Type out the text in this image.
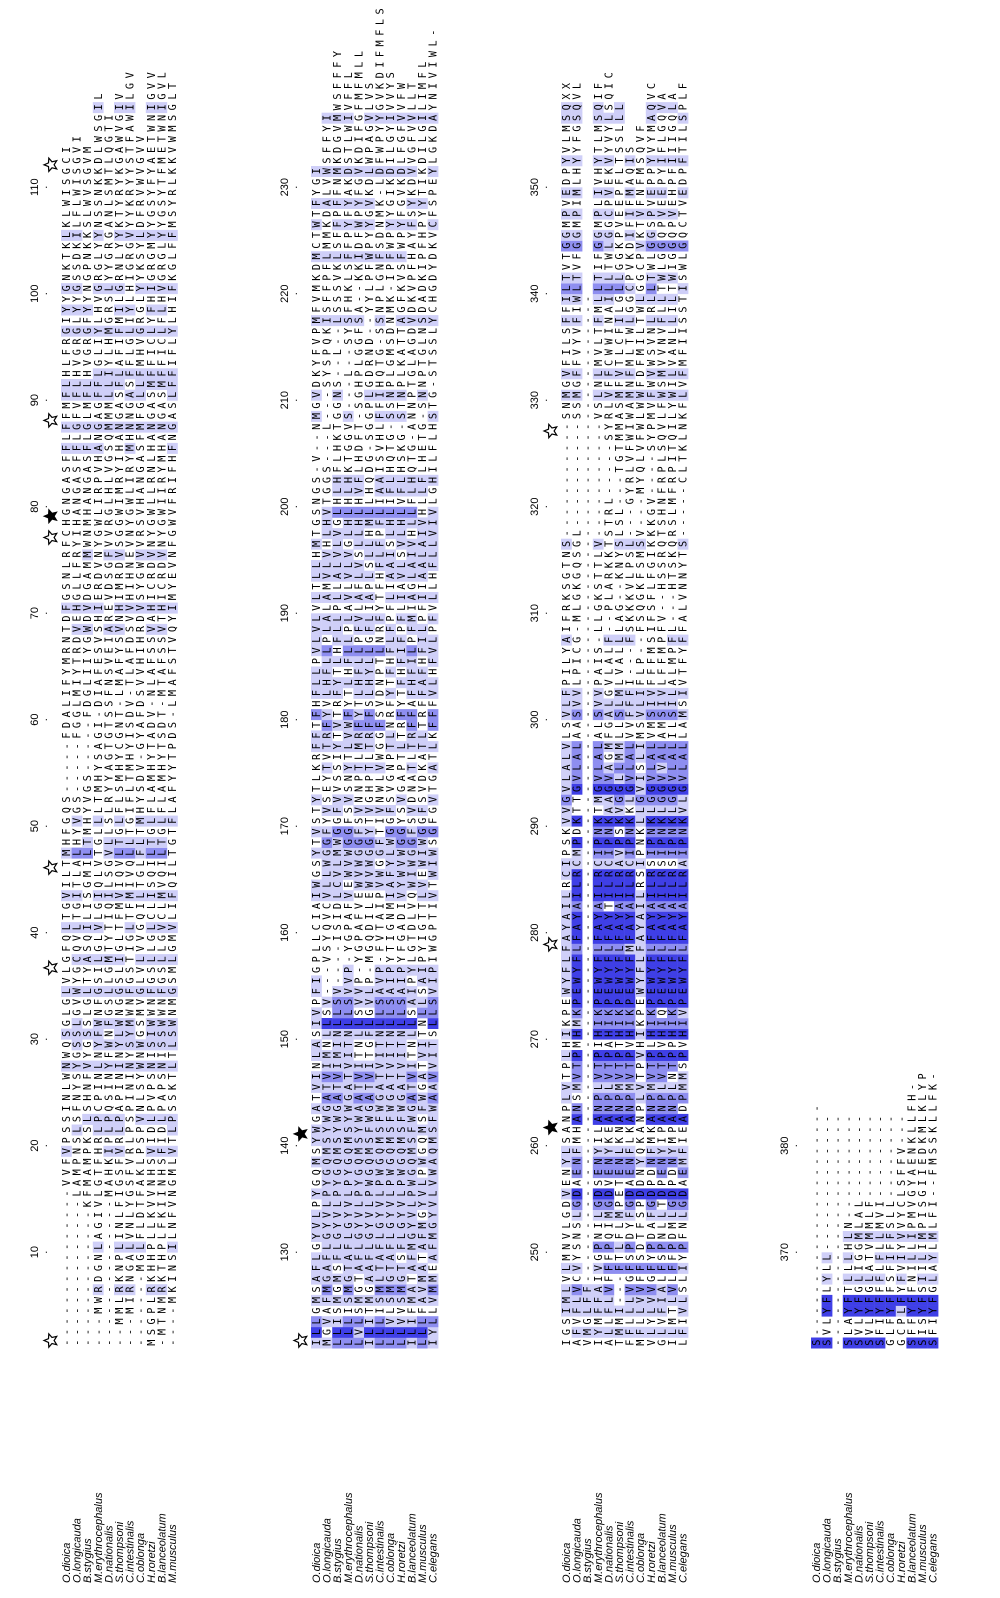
10
.
20
.
30
.
40
.
50
.
60
.
70
.
80
.
90
.
100
.
110
.
O.dioica
-
-
-
-
-
-
-
-
-
-
-
-
-
-
-
V
V
F
V
P
S
S
I
N
L
W
N
W
Q
S
G
L
G
L
V
L
G
F
Q
L
T
G
V
I
L
T
M
H
F
G
Q
S
-
-
-
-
-
F
D
A
L
I
F
Y
M
R
N
T
D
F
G
S
N
L
R
F
C
H
G
N
G
A
S
F
F
L
F
F
M
F
L
H
L
F
R
G
I
Y
Y
G
N
K
T
K
L
K
L
W
I
S
G
C
I
O.longicauda
-
-
-
-
-
-
-
-
-
-
-
-
-
-
L
A
M
P
N
S
L
S
F
N
Y
S
Y
G
S
S
L
G
V
W
Y
G
C
Q
V
L
T
G
I
T
L
A
L
H
Y
V
G
S
-
-
-
-
-
F
G
G
L
M
I
Y
T
R
D
V
E
H
G
L
L
F
R
Y
I
H
A
N
G
A
S
F
F
L
G
F
V
F
L
H
V
G
R
G
L
Y
Y
G
S
S
D
K
I
L
F
L
W
I
S
G
V
I
B.stygius
-
-
-
-
-
-
-
-
-
-
-
-
-
K
F
M
A
M
P
K
S
L
S
H
N
F
V
Y
G
S
S
L
G
L
T
Y
A
S
Q
I
L
I
S
G
M
I
L
T
M
H
Y
V
G
S
-
-
-
-
-
F
D
G
L
I
I
Y
G
W
D
V
D
G
A
M
M
W
N
M
H
A
N
G
A
S
F
L
G
L
M
F
L
H
V
G
R
G
F
Y
Y
N
G
P
N
K
K
S
L
W
V
S
G
V
M
M.erythrocephalus
-
-
-
M
W
R
D
G
N
L
A
G
I
V
L
G
T
F
H
R
L
P
C
P
I
N
L
N
Y
F
W
N
F
G
S
I
L
G
L
V
L
G
I
Q
L
V
T
G
L
L
L
T
M
H
Y
S
A
G
I
-
D
I
A
F
E
S
V
S
H
I
E
R
D
V
N
Y
G
W
L
I
R
P
V
H
A
N
G
A
G
F
F
L
G
L
I
Y
L
H
V
G
R
G
L
Y
Y
N
S
S
N
K
K
D
L
W
S
G
I
L
D.nationalis
-
-
-
-
-
-
-
-
-
-
-
-
-
-
M
A
H
K
I
P
L
P
Q
S
I
N
Y
F
W
N
F
G
S
L
L
G
M
T
Y
T
I
Q
I
L
S
G
V
L
L
S
L
R
Y
Y
A
G
T
G
T
S
S
F
N
S
V
E
I
A
R
E
V
D
S
G
F
V
V
R
G
L
H
L
V
G
S
Q
M
M
M
L
L
I
Y
L
H
M
G
R
S
L
Y
Y
G
R
G
A
N
L
S
M
T
L
Q
G
T
I
S.thompsoni
-
-
M
M
L
R
K
N
P
L
I
N
L
F
I
G
S
F
V
R
L
P
A
P
I
N
I
N
Y
L
W
N
G
G
S
L
I
G
L
T
F
M
V
I
Q
V
L
T
G
L
F
L
S
M
H
Y
C
G
N
T
-
L
M
A
F
Y
S
V
N
H
I
M
R
D
V
S
G
G
W
I
M
R
Y
I
H
A
N
G
A
S
F
L
A
F
I
F
M
I
L
G
R
N
L
Y
Y
K
T
Y
R
Y
K
G
A
W
V
G
I
V
C.intestinalis
-
-
-
M
I
R
N
G
A
L
V
N
L
Y
G
S
F
V
R
L
P
S
P
I
N
I
N
Y
S
Y
M
W
N
F
G
S
T
I
G
L
T
F
M
I
V
Q
L
L
T
G
I
F
L
T
M
H
Y
I
S
D
V
-
T
L
A
F
D
S
V
V
H
I
H
N
E
V
N
Y
G
W
L
I
R
Y
M
H
N
N
G
A
S
F
F
L
G
L
I
Y
L
H
I
G
R
G
V
Y
Y
K
R
Y
Y
S
T
F
A
W
I
L
G
V
C.oblonga
-
-
-
-
-
-
-
M
G
L
F
L
D
T
F
A
K
L
P
S
P
V
N
L
S
Y
W
N
W
G
S
M
V
G
L
V
L
V
V
G
Q
I
L
T
G
L
F
L
T
M
H
Y
S
D
V
-
G
Y
A
F
D
S
V
V
H
I
H
R
D
V
S
Y
G
W
V
V
R
S
V
H
A
N
G
A
S
F
M
F
G
L
L
F
M
H
V
G
R
G
L
Y
Y
K
S
Y
L
D
F
R
V
W
V
G
V
V
H.roretzi
M
S
G
P
L
R
K
H
H
P
L
L
K
V
V
N
H
S
V
I
D
L
P
V
P
S
N
I
S
I
W
W
N
F
G
S
L
L
G
L
C
L
I
S
Q
I
L
T
G
L
F
L
A
M
H
Y
T
A
D
V
-
N
L
A
F
S
S
V
A
H
I
C
R
D
V
N
Y
G
W
L
L
R
N
L
H
A
N
G
A
S
M
F
F
I
C
L
Y
F
H
I
G
R
G
M
Y
Y
G
S
Y
F
Y
A
E
T
W
N
I
G
V
V
B.lanceolatum
-
M
T
N
M
R
K
T
H
P
L
F
K
I
I
N
H
S
F
I
D
L
P
A
P
S
N
I
S
S
W
W
N
F
G
S
L
L
G
V
C
L
M
V
Q
I
L
T
G
L
F
L
A
M
H
Y
T
S
D
T
-
M
T
A
F
S
S
V
T
H
I
C
R
D
V
N
Y
G
W
I
I
R
Y
M
H
A
N
G
A
S
M
F
F
I
C
L
F
L
H
V
G
R
G
L
Y
Y
G
S
Y
T
F
M
E
T
W
N
I
G
V
L
M.musculus
-
-
-
-
M
K
I
N
S
I
L
N
F
V
N
G
M
L
V
T
L
P
S
S
K
T
L
T
L
S
W
N
M
G
S
M
L
G
M
V
L
I
F
Q
I
L
T
G
T
F
L
A
F
Y
Y
T
P
D
S
-
L
M
A
F
S
T
V
Q
Y
I
M
Y
E
V
N
F
G
W
V
F
R
I
F
H
F
N
G
A
S
L
F
F
I
F
L
Y
L
H
I
F
K
G
L
F
F
M
S
Y
R
L
K
K
V
W
M
S
G
L
T
130
.
140
.
150
.
160
.
170
.
180
.
190
.
200
.
210
.
220
.
230
.
O.dioica
I
L
L
G
M
S
A
F
L
G
Y
V
L
P
Y
G
Q
M
S
Y
W
G
A
T
V
I
N
L
A
S
I
V
P
F
I
G
P
L
L
C
I
A
I
W
G
S
Y
T
V
S
T
Y
T
L
K
R
F
F
T
F
H
F
L
L
P
V
L
V
L
V
L
T
L
L
H
M
T
G
S
N
G
S
-
V
-
-
N
M
G
V
D
K
Y
F
V
P
M
F
V
M
K
D
M
C
T
W
T
F
Y
G
I
O.longicauda
M
G
V
A
F
M
G
A
F
L
G
Y
V
L
P
Y
G
Q
M
S
Y
W
G
A
T
V
I
M
N
L
L
S
V
-
-
-
V
S
Y
Q
V
C
V
L
L
W
G
G
F
Y
V
S
E
Y
T
V
T
R
F
Y
V
L
H
F
L
L
P
L
A
L
A
M
V
L
V
H
L
H
V
T
G
G
S
-
-
-
L
-
-
-
S
Y
S
P
Q
K
I
S
F
F
P
F
L
M
M
K
D
A
L
V
W
S
F
F
Y
I
B.stygius
L
L
I
S
M
G
M
S
F
L
G
Y
V
L
P
Y
G
Q
M
S
Y
W
G
A
T
V
I
M
I
N
L
L
S
V
-
-
-
-
I
S
I
D
L
C
V
L
M
W
G
G
F
V
V
S
S
I
Y
T
V
T
R
F
Y
T
L
H
F
L
L
P
L
L
A
L
V
L
V
G
L
H
L
H
F
L
H
K
T
G
G
N
S
-
-
L
-
-
L
S
S
S
V
K
L
S
F
F
P
F
F
N
M
K
D
G
V
M
W
S
F
F
F
Y
M.erythrocephalus
L
L
L
I
S
M
G
T
A
F
L
G
Y
V
L
P
Y
G
Q
M
S
Y
W
G
A
T
V
I
T
N
L
L
S
V
V
P
-
Y
G
P
A
F
V
E
W
V
W
G
G
F
S
V
S
N
Y
T
L
V
W
F
Y
T
L
H
F
L
L
P
L
A
V
L
V
L
V
G
L
H
L
H
L
H
K
T
G
G
V
S
-
-
-
L
-
-
S
Y
S
F
H
K
L
S
F
F
P
Y
F
Y
A
K
D
S
T
L
W
I
V
F
F
L
D.nationalis
L
V
L
S
M
G
T
A
F
L
G
Y
V
L
P
Y
G
Q
M
S
Y
W
A
A
T
V
I
T
N
L
L
S
V
V
P
-
Y
G
P
A
F
V
E
W
V
W
G
G
F
S
V
N
N
P
T
L
M
R
F
Y
T
L
H
F
L
L
P
F
V
L
A
F
L
V
S
L
L
H
L
H
V
F
L
H
D
F
T
-
S
G
H
P
L
G
G
F
S
A
-
-
K
K
I
D
F
W
P
Y
F
G
V
K
D
I
F
G
F
M
F
M
L
L
S.thompsoni
I
L
I
T
M
G
A
A
F
L
G
Y
V
L
P
W
G
Q
M
S
F
W
G
A
T
V
I
T
G
F
L
G
V
L
P
-
M
G
Q
D
I
L
E
W
V
W
G
G
Y
T
V
G
H
P
T
L
T
R
F
F
S
L
H
Y
L
L
G
F
L
I
A
P
L
S
L
L
H
M
L
L
H
Q
D
G
-
S
G
G
P
L
G
D
R
N
D
-
-
Y
Y
L
P
F
W
P
Y
Y
G
V
K
D
L
W
P
A
G
V
L
V
S
C.intestinalis
L
L
L
I
S
M
L
T
A
F
L
G
Y
V
L
P
W
G
Q
M
S
F
W
G
A
T
V
I
T
N
L
L
S
A
V
P
-
F
V
T
A
I
P
V
W
G
G
F
T
I
V
N
W
L
V
W
G
G
F
S
V
D
N
P
T
L
N
R
F
Y
T
F
H
F
L
F
P
F
L
I
A
A
I
S
V
H
L
F
F
I
H
Q
T
G
-
S
S
N
P
L
G
N
F
S
D
N
M
K
-
L
D
F
W
P
Y
Y
G
V
K
D
I
F
M
F
L
S
C.oblonga
L
L
V
L
S
M
G
T
A
F
L
G
Y
V
L
P
W
G
Q
M
S
F
W
G
A
T
V
I
T
N
L
L
S
A
I
P
Y
T
I
G
N
M
I
A
F
Y
L
W
G
G
F
S
V
G
N
P
T
L
N
R
F
Y
T
F
H
F
L
F
P
F
L
I
A
A
I
S
L
H
L
I
F
L
H
Q
T
G
-
S
S
N
P
L
G
M
S
D
N
M
K
-
I
P
F
W
P
Y
Y
G
I
K
D
I
L
G
Y
I
V
V
Y
S
H.roretzi
L
L
V
V
S
M
G
T
S
F
L
G
Y
V
L
P
W
G
Q
M
S
F
W
G
A
T
V
I
T
N
L
L
S
A
I
P
Y
F
G
A
D
I
V
Y
W
V
W
G
G
Y
S
V
G
A
P
T
L
T
R
F
Y
T
F
H
F
I
F
P
F
L
I
A
V
L
S
V
L
H
L
V
F
L
H
S
K
G
-
S
T
N
P
L
K
A
T
T
A
G
F
K
V
S
F
W
P
Y
F
G
V
K
D
L
F
G
F
V
V
F
W
B.lanceolatum
I
L
I
F
M
A
T
A
F
M
G
Y
V
L
P
W
G
Q
M
S
F
W
G
A
T
V
I
T
N
L
L
S
A
I
P
Y
L
G
T
D
L
V
Q
W
I
W
G
G
F
S
V
D
N
A
T
L
T
R
F
F
A
F
H
F
I
L
P
F
M
I
A
G
L
A
I
V
H
L
L
F
L
H
Q
T
G
-
A
N
N
P
T
G
L
A
G
D
V
D
K
V
P
F
H
A
Y
F
S
Y
K
D
V
V
G
F
V
V
L
L
T
M.musculus
L
L
L
F
A
V
M
A
T
A
F
M
G
Y
V
L
P
W
G
Q
M
S
F
W
G
A
T
V
I
T
N
L
L
S
A
I
P
Y
I
G
T
T
L
V
E
W
I
W
G
G
F
S
V
D
K
A
T
L
T
R
F
F
A
F
H
F
I
L
P
F
I
I
A
A
L
A
I
V
H
L
L
F
L
H
E
T
G
-
S
N
N
P
T
G
L
N
S
D
A
D
K
I
P
F
H
P
Y
Y
T
I
K
D
I
L
G
I
L
I
M
F
L
C.elegans
I
Y
L
L
V
M
M
E
A
F
M
G
Y
V
L
V
W
A
Q
M
S
F
W
A
A
V
V
I
T
S
L
L
S
V
I
P
I
W
G
P
T
I
V
T
W
I
W
S
G
F
G
V
T
G
A
T
L
K
F
F
F
V
L
H
F
V
L
P
F
V
L
L
H
F
L
L
V
I
V
L
G
H
I
L
F
L
H
S
T
G
-
S
T
S
S
L
Y
C
H
G
D
Y
D
K
V
C
F
S
P
E
Y
L
G
K
D
A
Y
N
I
V
I
W
L
-
250
.
260
.
270
.
280
.
290
.
300
.
310
.
320
.
330
.
340
.
350
.
O.dioica
I
G
S
I
M
L
V
L
M
N
V
L
G
D
V
E
N
Y
L
S
A
N
P
L
V
T
P
L
H
I
K
P
E
W
Y
F
L
F
A
Y
A
I
L
R
C
I
P
S
K
V
V
G
V
L
A
L
V
L
S
V
L
F
P
I
L
Y
A
I
F
R
K
S
G
T
N
S
-
-
-
-
-
-
-
-
-
-
-
S
N
M
G
V
F
I
L
S
F
F
I
L
T
V
T
G
G
M
P
V
E
D
P
Y
V
L
M
S
Q
X
X
O.longicauda
A
F
V
F
L
V
C
V
Y
S
N
S
L
G
D
A
E
N
F
M
H
A
N
S
M
V
T
P
M
H
M
K
P
E
W
Y
F
L
F
A
Y
A
I
L
R
C
M
P
D
K
T
T
G
V
L
A
L
A
A
S
V
V
L
P
I
C
G
-
M
L
G
K
G
Q
S
G
L
-
-
-
-
-
-
-
-
-
-
S
S
M
G
F
F
V
Y
V
F
I
W
L
T
V
F
G
G
M
P
I
M
L
H
Y
Y
F
G
S
Q
V
L
B.stygius
V
M
G
L
F
F
-
-
-
-
-
-
-
-
-
-
-
-
-
-
-
-
-
-
-
-
-
-
-
-
-
-
-
-
-
-
-
-
-
-
-
-
-
-
-
-
-
-
-
-
-
-
-
-
-
-
-
-
-
-
-
-
-
-
-
-
-
-
-
-
-
-
-
-
-
-
-
-
-
-
-
-
-
-
-
-
-
-
-
-
-
-
-
-
-
-
-
-
-
M.erythrocephalus
I
Y
M
F
F
A
I
V
G
P
N
I
L
G
D
S
E
N
Y
I
L
A
N
P
L
V
T
P
I
H
I
K
P
E
W
Y
F
L
F
A
Y
A
I
L
R
C
I
P
N
K
T
M
G
V
L
A
L
A
L
S
V
V
P
A
I
S
-
L
L
G
K
S
T
T
L
V
-
-
-
-
-
-
-
-
-
-
-
V
S
L
N
L
M
V
L
T
F
M
L
L
T
I
F
G
G
M
P
L
I
V
H
Y
T
L
M
S
Q
I
F
D.nationalis
A
L
L
F
L
V
F
F
F
P
Q
I
M
G
D
V
E
N
Y
K
E
A
N
P
L
V
T
P
A
H
I
K
P
E
W
Y
F
L
F
A
Y
T
I
L
R
C
I
P
N
K
A
A
G
V
A
G
M
F
G
A
L
G
V
L
A
L
F
-
-
P
L
A
R
K
K
T
S
T
R
L
-
-
-
-
-
S
Y
R
L
V
F
F
C
W
W
I
N
A
I
L
L
T
W
L
G
G
C
P
V
E
K
V
Y
V
Y
L
S
Q
I
C
S.thompsoni
T
M
M
I
-
-
-
F
T
L
F
L
M
P
E
T
E
N
L
K
N
A
N
P
M
V
T
P
T
H
I
K
P
E
W
Y
F
L
F
A
Y
A
I
L
R
A
V
P
S
K
V
G
G
L
L
M
M
L
L
S
L
M
L
V
A
L
L
L
A
G
-
-
K
N
Y
S
L
S
L
-
-
-
T
G
T
M
M
A
S
M
F
V
T
L
C
F
I
L
G
L
L
G
G
K
P
V
E
E
P
F
L
T
S
S
L
L
L
C.intestinalis
F
F
L
L
L
V
G
F
S
P
D
Y
F
G
D
A
E
N
F
L
K
A
N
P
M
V
T
P
V
H
I
K
P
E
W
Y
F
M
F
A
Y
A
I
L
R
C
I
P
N
K
K
L
G
V
L
A
L
V
V
F
F
F
I
-
-
-
F
S
K
K
K
V
L
P
S
L
-
-
-
G
Y
R
L
V
F
W
I
W
A
M
N
F
M
L
T
W
L
G
G
C
P
V
K
D
I
F
I
F
M
A
Q
I
S
C.oblonga
M
F
L
L
V
V
F
F
S
D
T
F
S
P
D
D
N
Y
Q
K
A
N
P
L
V
T
P
V
H
I
K
P
E
W
Y
F
L
F
A
Y
A
I
L
R
S
I
P
N
K
L
L
G
V
I
S
L
I
M
S
V
L
I
F
L
P
-
-
F
S
Q
G
K
F
S
M
S
V
-
-
-
M
Y
Q
L
V
F
W
L
W
W
F
D
F
M
I
L
T
W
L
G
G
C
P
V
K
T
V
F
N
F
M
S
Q
V
F
H.roretzi
V
L
Y
L
V
V
G
F
Y
P
D
A
F
G
D
P
D
N
F
M
K
A
N
P
M
V
T
P
L
H
I
K
P
E
W
Y
F
L
F
A
Y
A
I
L
R
S
I
P
N
K
L
G
G
V
L
A
L
V
M
S
I
V
F
F
F
M
S
I
F
S
F
L
F
G
I
K
K
K
G
V
-
-
-
-
S
Y
P
M
V
F
W
V
W
S
V
N
L
R
L
L
T
W
L
G
G
S
P
V
E
P
P
Y
V
Y
M
A
Q
V
C
B.lanceolatum
G
L
V
F
I
A
L
F
S
P
N
L
L
T
D
P
E
N
Y
I
P
A
N
P
L
V
T
P
V
H
I
Q
P
E
W
Y
F
L
F
A
Y
A
I
L
R
S
I
P
N
K
L
G
G
V
V
A
L
A
M
S
I
V
L
F
F
M
P
F
V
-
-
H
S
S
R
Q
T
S
H
N
F
R
P
L
S
Q
V
L
F
W
S
M
V
V
N
V
F
L
L
T
W
L
G
G
Q
P
V
E
E
P
Y
I
F
L
G
Q
V
A
M.musculus
I
L
M
T
L
V
L
F
F
P
D
M
L
G
D
P
D
N
Y
M
P
A
N
P
L
N
T
P
P
H
I
K
P
E
W
Y
F
L
F
A
Y
A
I
L
R
S
I
P
N
K
L
G
G
V
L
A
L
I
L
S
I
L
A
L
M
P
F
L
-
-
-
H
T
S
K
Q
R
S
L
M
F
R
P
I
T
Q
I
L
Y
W
I
L
V
A
N
L
L
I
L
T
W
I
G
G
Q
P
V
E
H
P
F
I
I
I
G
Q
L
A
C.elegans
L
F
I
V
L
S
L
I
Y
P
F
N
L
G
D
A
E
M
F
I
E
A
D
P
M
M
S
P
V
H
I
V
P
E
W
Y
F
L
F
A
Y
A
I
L
R
A
I
P
N
K
V
L
G
V
L
A
L
L
A
M
S
I
V
T
F
Y
F
F
A
L
V
N
N
Y
T
S
-
-
-
-
-
C
L
T
K
L
N
K
F
L
V
F
M
F
I
I
S
S
T
I
S
W
L
G
Q
C
T
V
E
D
P
F
T
I
L
S
P
L
F
370
.
380
.
O.dioica
S
-
-
-
-
-
-
-
-
-
-
-
-
-
-
-
-
-
-
-
-
-
-
O.longicauda
S
V
L
Y
F
L
Y
L
L
-
-
-
-
-
-
-
-
-
-
-
-
-
B.stygius
-
-
-
-
-
-
-
-
-
-
-
-
-
-
-
-
-
-
-
-
-
-
M.erythrocephalus
S
L
A
Y
F
T
L
L
L
H
L
N
-
-
-
-
-
-
-
-
-
-
D.nationalis
S
V
L
Y
F
G
L
I
G
G
M
L
A
L
-
-
-
-
-
-
-
-
S.thompsoni
S
V
L
Y
F
G
L
A
T
V
M
M
L
F
-
-
-
-
-
-
-
-
C.intestinalis
S
F
I
Y
F
F
F
L
F
L
L
M
V
I
-
-
-
-
-
-
-
-
C.oblonga
G
L
F
Y
F
F
S
F
I
F
F
S
L
L
-
-
-
-
-
-
-
-
H.roretzi
G
C
P
L
F
Y
F
V
I
Y
V
V
Y
C
L
S
F
F
V
-
-
-
B.lanceolatum
S
F
F
Y
F
F
N
I
L
L
I
P
M
V
G
Y
A
E
N
K
L
L
F
H
-
M.musculus
S
I
S
Y
F
S
I
I
L
I
M
P
I
S
G
I
I
E
D
K
M
L
K
L
Y
P
C.elegans
S
F
I
Y
F
G
L
A
Y
L
M
L
F
I
-
-
F
M
S
S
K
L
L
F
K
-
